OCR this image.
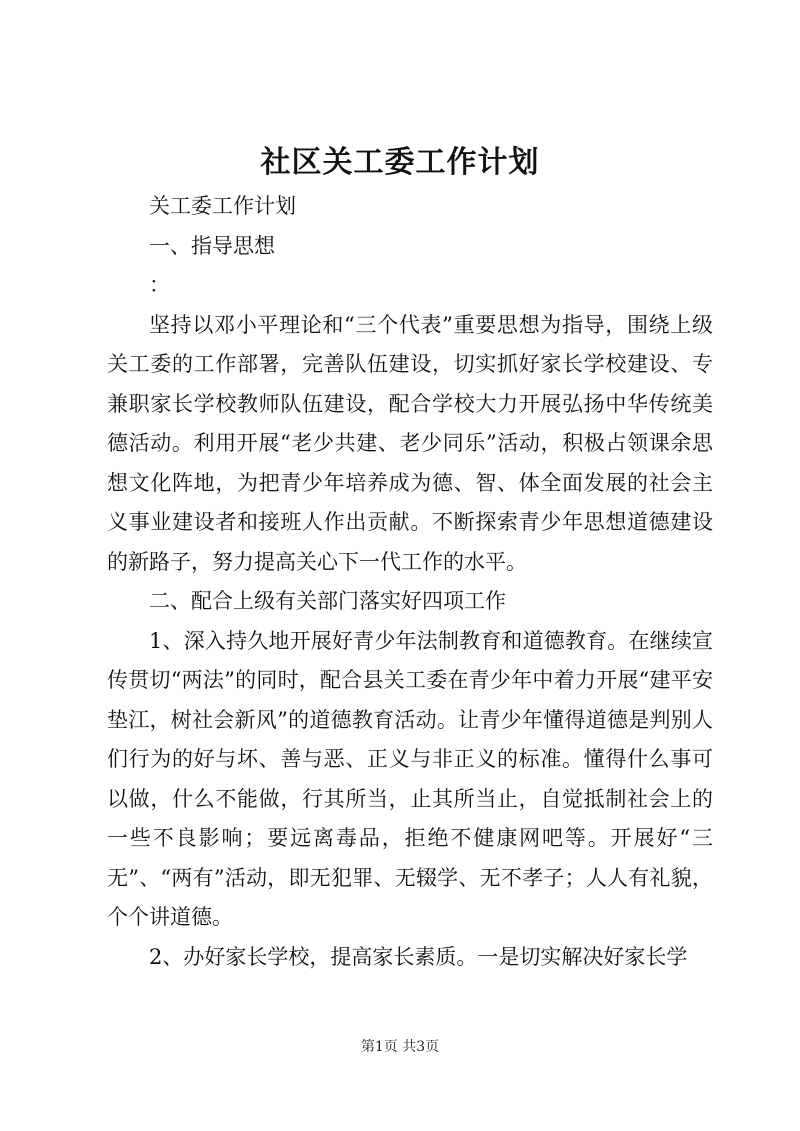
社区关工委工作计划

关工委工作计划

一、指导思想

：

坚持以邓小平理论和“三个代表”重要思想为指导，围绕上级关工委的工作部署，完善队伍建设，切实抓好家长学校建设、专兼职家长学校教师队伍建设，配合学校大力开展弘扬中华传统美德活动。利用开展“老少共建、老少同乐”活动，积极占领课余思想文化阵地，为把青少年培养成为德、智、体全面发展的社会主义事业建设者和接班人作出贡献。不断探索青少年思想道德建设的新路子，努力提高关心下一代工作的水平。

二、配合上级有关部门落实好四项工作

1、深入持久地开展好青少年法制教育和道德教育。在继续宣传贯切“两法”的同时，配合县关工委在青少年中着力开展“建平安垫江，树社会新风”的道德教育活动。让青少年懂得道德是判别人们行为的好与坏、善与恶、正义与非正义的标准。懂得什么事可以做，什么不能做，行其所当，止其所当止，自觉抵制社会上的一些不良影响；要远离毒品，拒绝不健康网吧等。开展好“三无”、“两有”活动，即无犯罪、无辍学、无不孝子；人人有礼貌，个个讲道德。

2、办好家长学校，提高家长素质。一是切实解决好家长学

第1页 共3页
